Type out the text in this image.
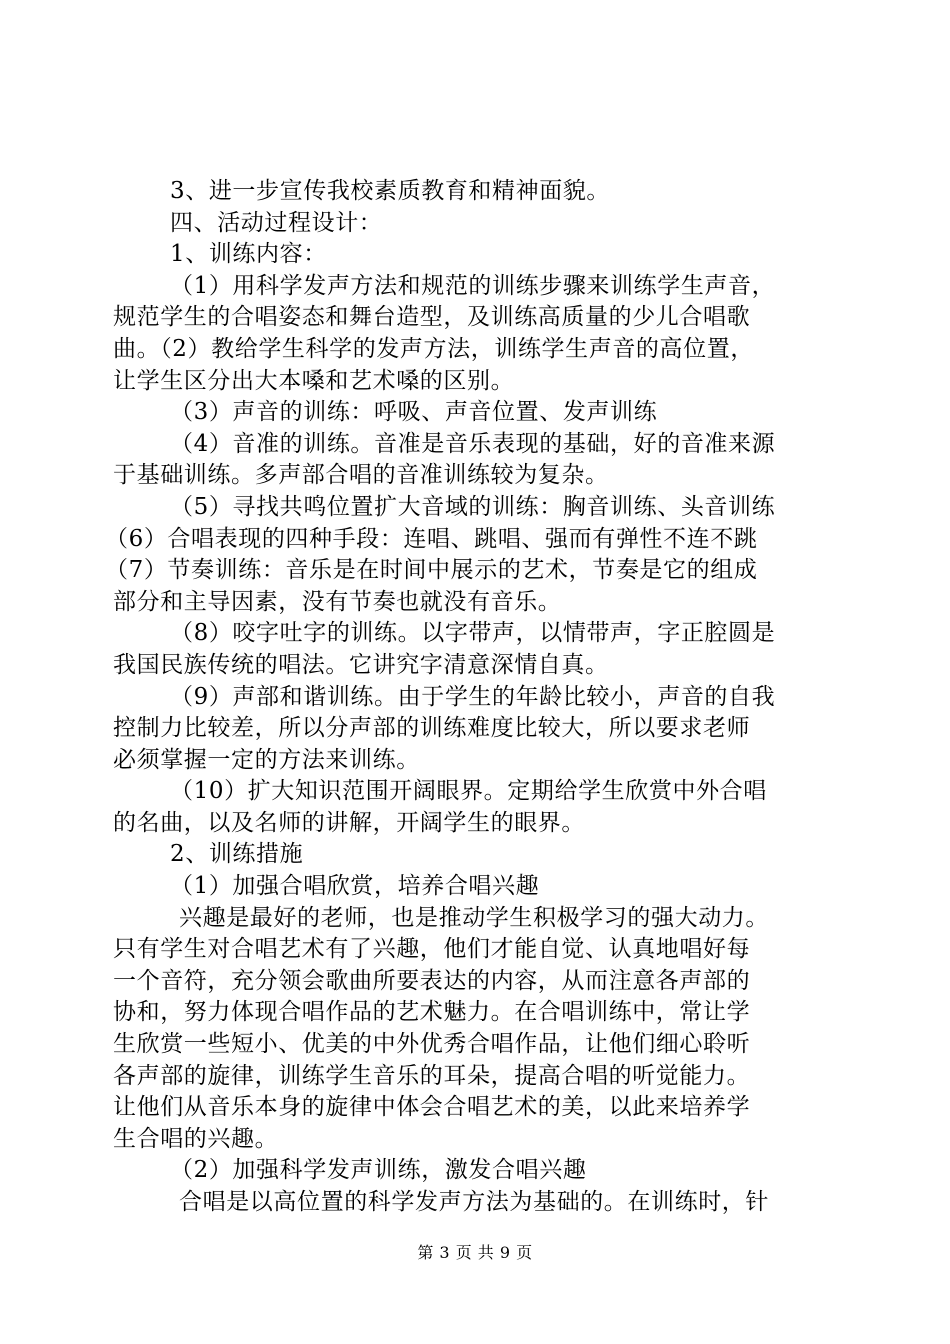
3、进一步宣传我校素质教育和精神面貌。
四、活动过程设计：
1、训练内容：
（1）用科学发声方法和规范的训练步骤来训练学生声音，
规范学生的合唱姿态和舞台造型，及训练高质量的少儿合唱歌
曲。（2）教给学生科学的发声方法，训练学生声音的高位置，
让学生区分出大本嗓和艺术嗓的区别。
（3）声音的训练：呼吸、声音位置、发声训练
（4）音准的训练。音准是音乐表现的基础，好的音准来源
于基础训练。多声部合唱的音准训练较为复杂。
（5）寻找共鸣位置扩大音域的训练：胸音训练、头音训练
（6）合唱表现的四种手段：连唱、跳唱、强而有弹性不连不跳
（7）节奏训练：音乐是在时间中展示的艺术，节奏是它的组成
部分和主导因素，没有节奏也就没有音乐。
（8）咬字吐字的训练。以字带声，以情带声，字正腔圆是
我国民族传统的唱法。它讲究字清意深情自真。
（9）声部和谐训练。由于学生的年龄比较小，声音的自我
控制力比较差，所以分声部的训练难度比较大，所以要求老师
必须掌握一定的方法来训练。
（10）扩大知识范围开阔眼界。定期给学生欣赏中外合唱
的名曲，以及名师的讲解，开阔学生的眼界。
2、训练措施
（1）加强合唱欣赏，培养合唱兴趣
兴趣是最好的老师，也是推动学生积极学习的强大动力。
只有学生对合唱艺术有了兴趣，他们才能自觉、认真地唱好每
一个音符，充分领会歌曲所要表达的内容，从而注意各声部的
协和，努力体现合唱作品的艺术魅力。在合唱训练中，常让学
生欣赏一些短小、优美的中外优秀合唱作品，让他们细心聆听
各声部的旋律，训练学生音乐的耳朵，提高合唱的听觉能力。
让他们从音乐本身的旋律中体会合唱艺术的美，以此来培养学
生合唱的兴趣。
（2）加强科学发声训练，激发合唱兴趣
合唱是以高位置的科学发声方法为基础的。在训练时，针
第 3 页 共 9 页
